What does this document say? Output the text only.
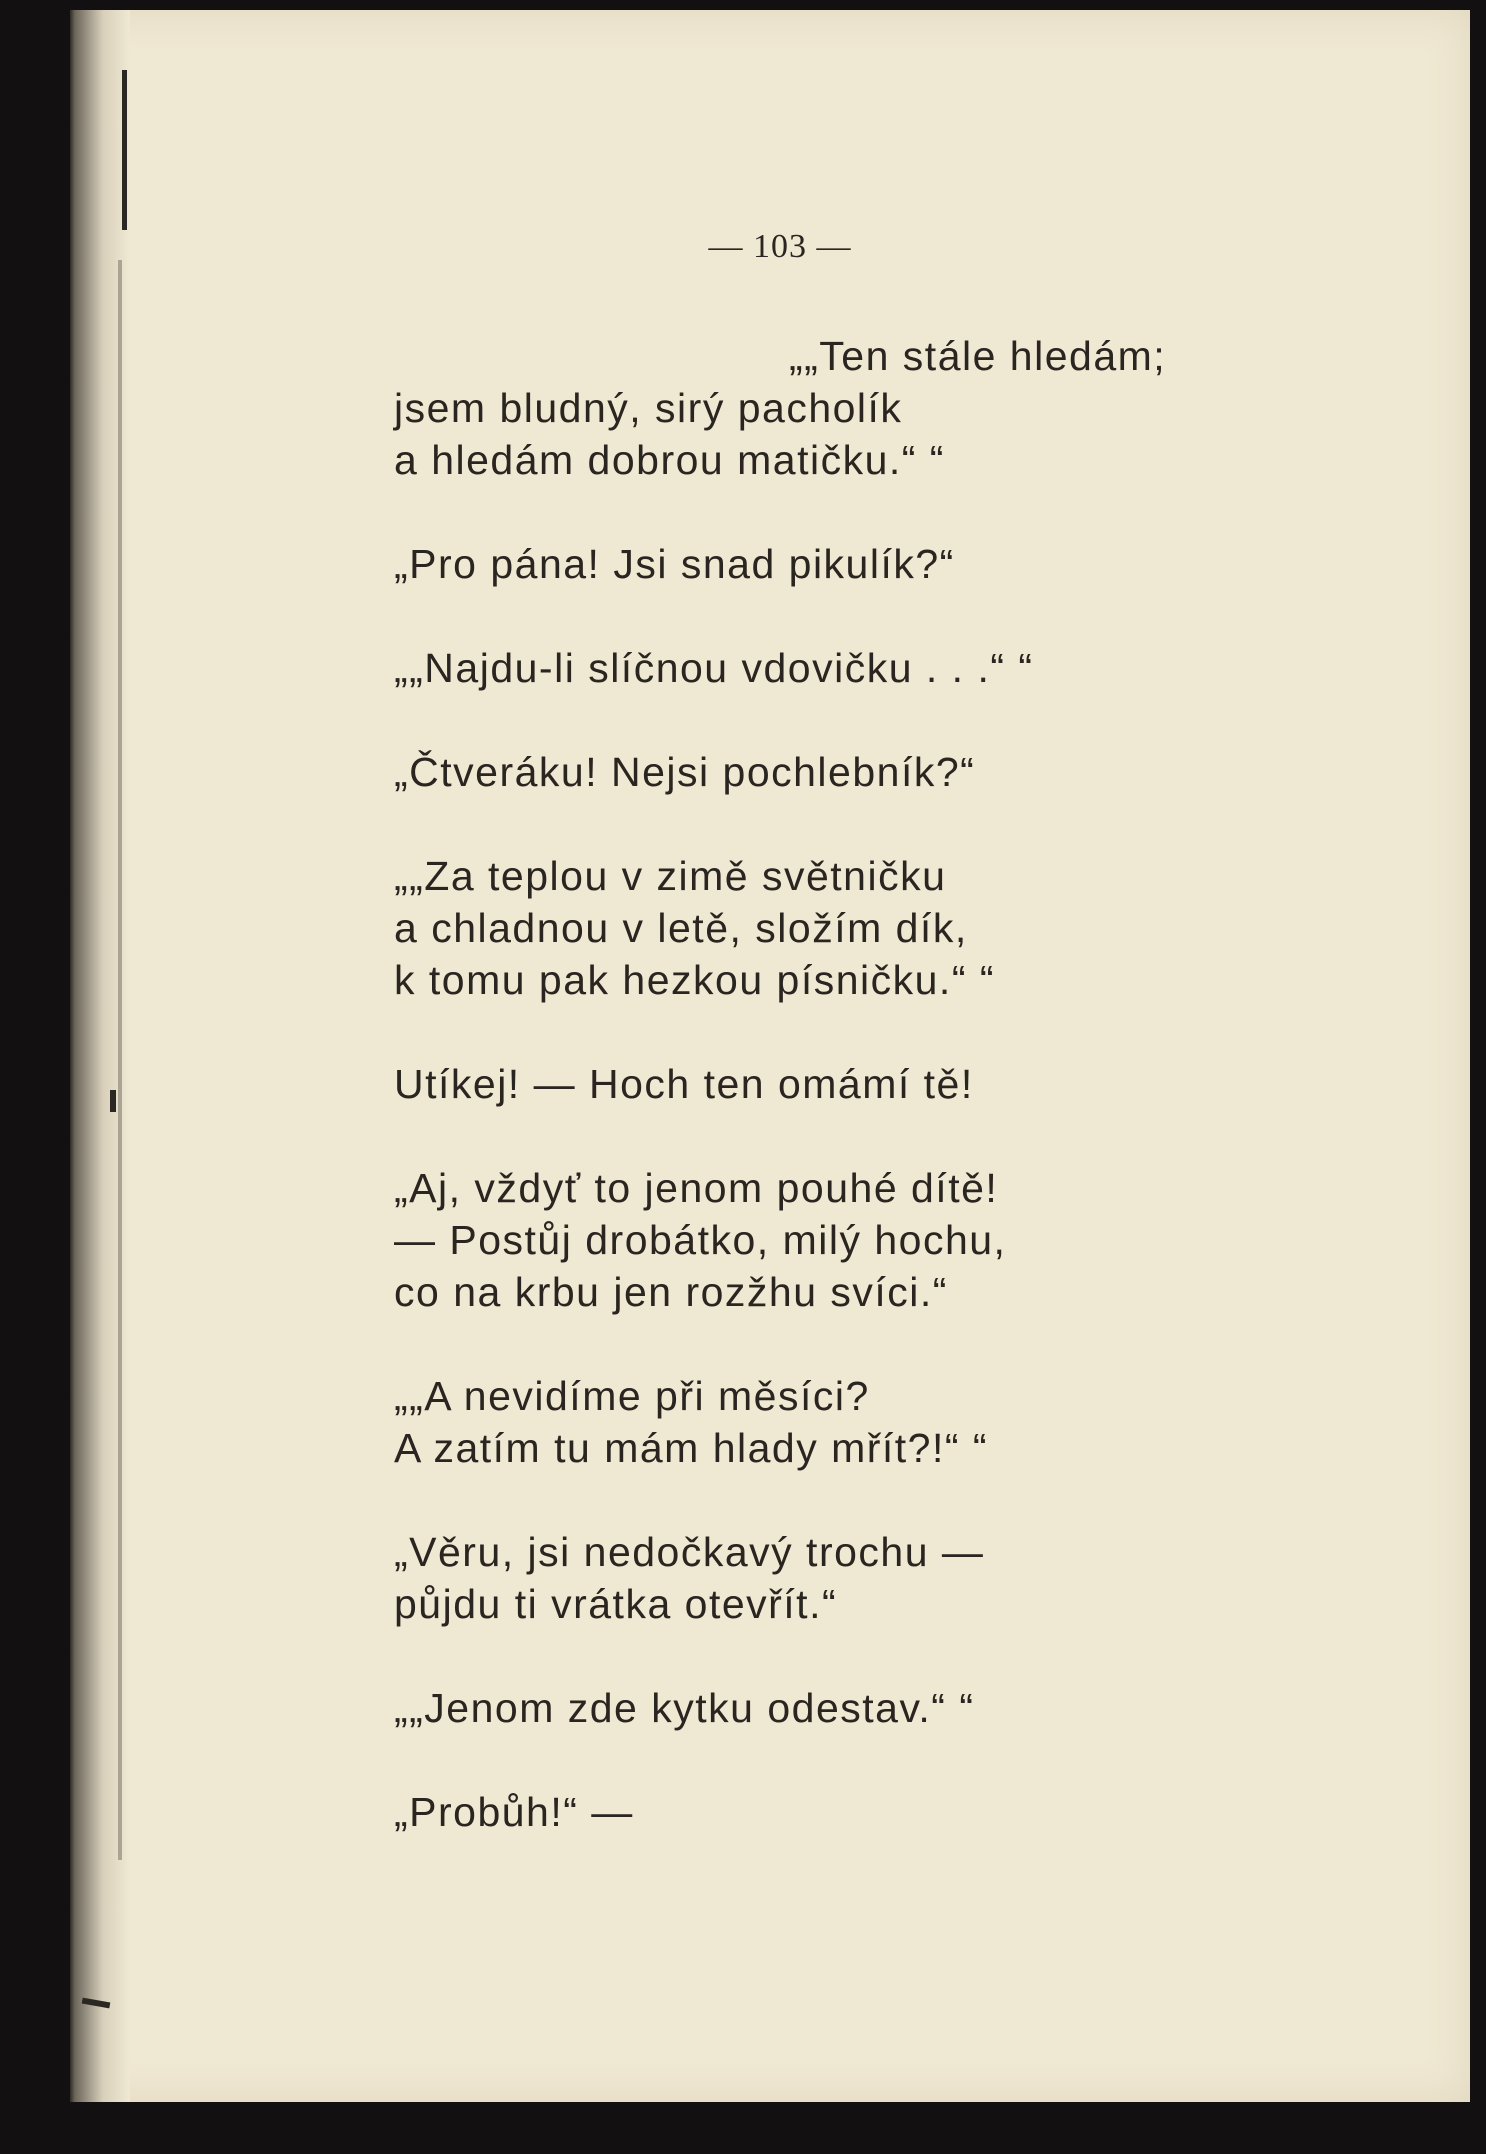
— 103 —
„„Ten stále hledám;
jsem bludný, sirý pacholík
a hledám dobrou matičku.“ “
„Pro pána! Jsi snad pikulík?“
„„Najdu-li slíčnou vdovičku . . .“ “
„Čtveráku! Nejsi pochlebník?“
„„Za teplou v zimě světničku
a chladnou v letě, složím dík,
k tomu pak hezkou písničku.“ “
Utíkej! — Hoch ten omámí tě!
„Aj, vždyť to jenom pouhé dítě!
— Postůj drobátko, milý hochu,
co na krbu jen rozžhu svíci.“
„„A nevidíme při měsíci?
A zatím tu mám hlady mřít?!“ “
„Věru, jsi nedočkavý trochu —
půjdu ti vrátka otevřít.“
„„Jenom zde kytku odestav.“ “
„Probůh!“ —
